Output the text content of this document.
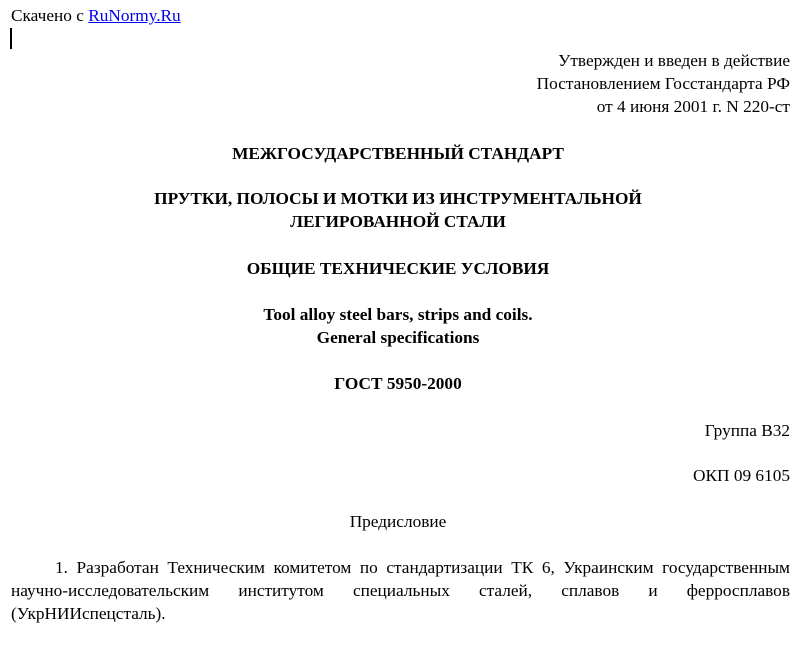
Скачено с RuNormy.Ru
Утвержден и введен в действие
Постановлением Госстандарта РФ
от 4 июня 2001 г. N 220-ст
МЕЖГОСУДАРСТВЕННЫЙ СТАНДАРТ
ПРУТКИ, ПОЛОСЫ И МОТКИ ИЗ ИНСТРУМЕНТАЛЬНОЙ
ЛЕГИРОВАННОЙ СТАЛИ
ОБЩИЕ ТЕХНИЧЕСКИЕ УСЛОВИЯ
Tool alloy steel bars, strips and coils.
General specifications
ГОСТ 5950-2000
Группа В32
ОКП 09 6105
Предисловие
1. Разработан Техническим комитетом по стандартизации ТК 6, Украинским государственным научно-исследовательским институтом специальных сталей, сплавов и ферросплавов (УкрНИИспецсталь).
